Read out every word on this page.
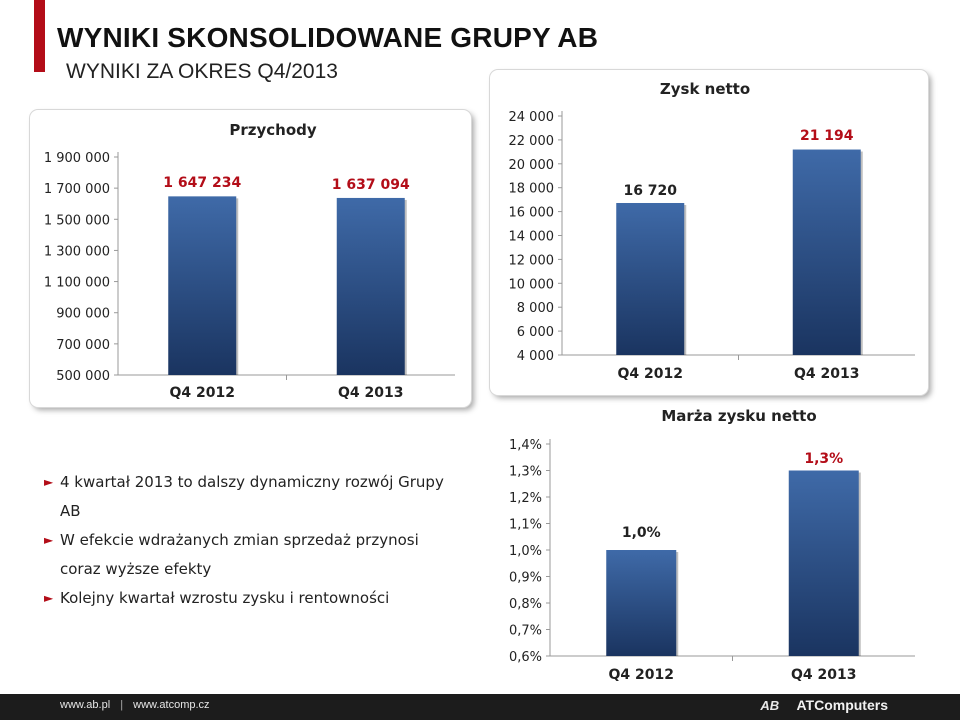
WYNIKI SKONSOLIDOWANE GRUPY AB
WYNIKI ZA OKRES Q4/2013
Przychody
500 000
700 000
900 000
1 100 000
1 300 000
1 500 000
1 700 000
1 900 000
1 647 234
Q4 2012
1 637 094
Q4 2013
Zysk netto
4 000
6 000
8 000
10 000
12 000
14 000
16 000
18 000
20 000
22 000
24 000
16 720
Q4 2012
21 194
Q4 2013
Marża zysku netto
0,6%
0,7%
0,8%
0,9%
1,0%
1,1%
1,2%
1,3%
1,4%
1,0%
Q4 2012
1,3%
Q4 2013
► 4 kwartał 2013 to dalszy dynamiczny rozwój Grupy AB
► W efekcie wdrażanych zmian sprzedaż przynosi coraz wyższe efekty
► Kolejny kwartał wzrostu zysku i rentowności
www.ab.pl | www.atcomp.cz	AB ATComputers
